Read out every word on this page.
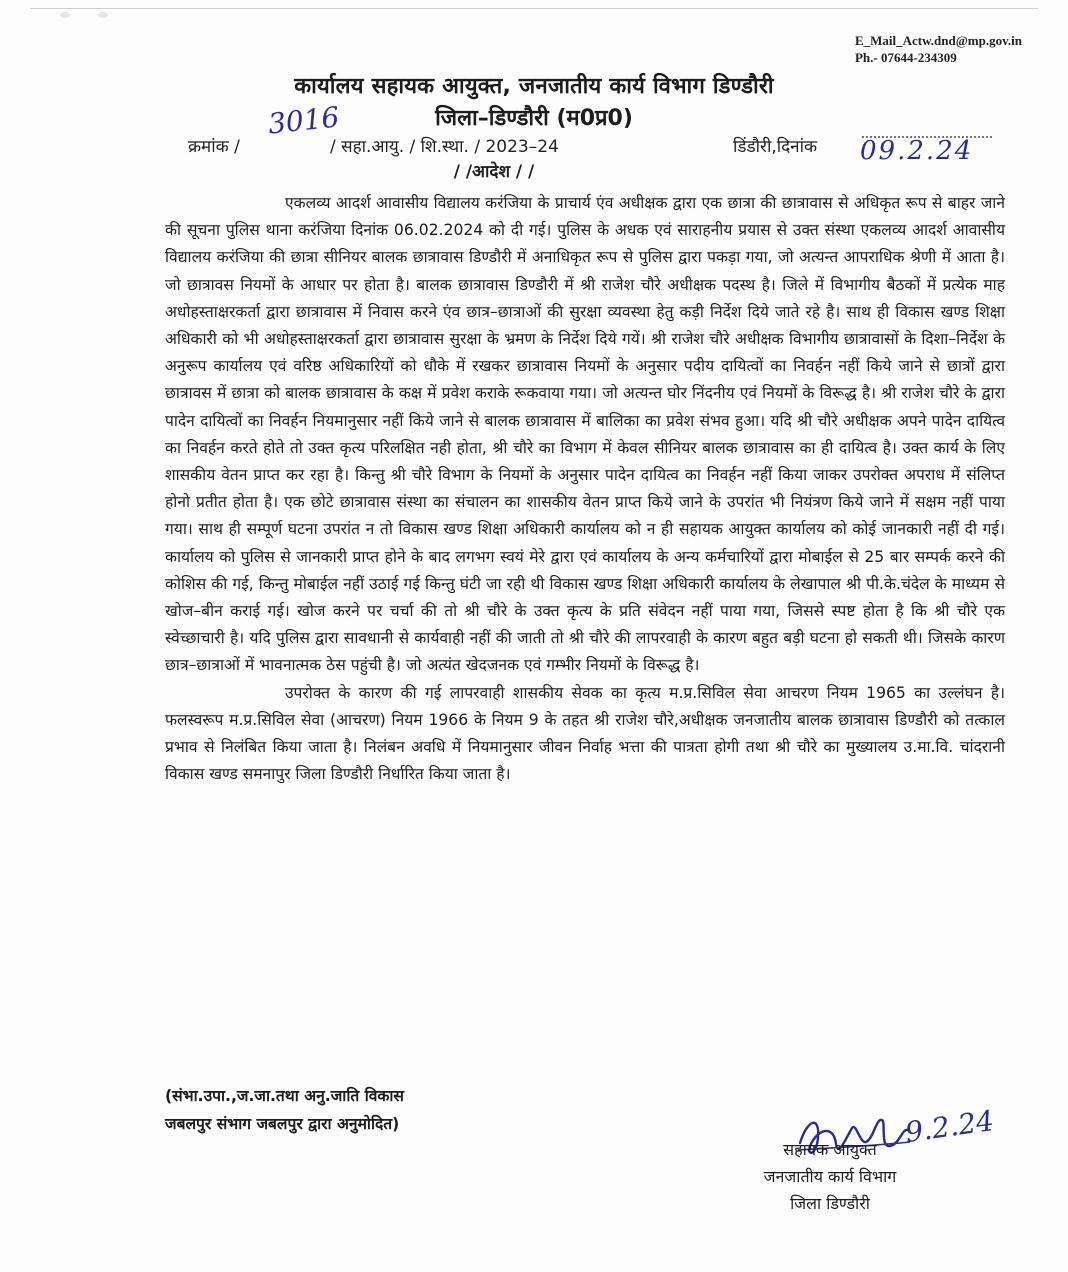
E_Mail_Actw.dnd@mp.gov.in
Ph.- 07644-234309
कार्यालय सहायक आयुक्त, जनजातीय कार्य विभाग डिण्डौरी
जिला–डिण्डौरी (म0प्र0)
क्रमांक /
3016
/ सहा.आयु. / शि.स्था. / 2023–24	डिंडौरी,दिनांक 09.2.24
/ /आदेश / /

एकलव्य आदर्श आवासीय विद्यालय करंजिया के प्राचार्य एंव अधीक्षक द्वारा एक छात्रा की छात्रावास से अधिकृत रूप से बाहर जाने की सूचना पुलिस थाना करंजिया दिनांक 06.02.2024 को दी गई। पुलिस के अधक एवं साराहनीय प्रयास से उक्त संस्था एकलव्य आदर्श आवासीय विद्यालय करंजिया की छात्रा सीनियर बालक छात्रावास डिण्डौरी में अनाधिकृत रूप से पुलिस द्वारा पकड़ा गया, जो अत्यन्त आपराधिक श्रेणी में आता है। जो छात्रावस नियमों के आधार पर होता है। बालक छात्रावास डिण्डौरी में श्री राजेश चौरे अधीक्षक पदस्थ है। जिले में विभागीय बैठकों में प्रत्येक माह अधोहस्ताक्षरकर्ता द्वारा छात्रावास में निवास करने एंव छात्र–छात्राओं की सुरक्षा व्यवस्था हेतु कड़ी निर्देश दिये जाते रहे है। साथ ही विकास खण्ड शिक्षा अधिकारी को भी अधोहस्ताक्षरकर्ता द्वारा छात्रावास सुरक्षा के भ्रमण के निर्देश दिये गयें। श्री राजेश चौरे अधीक्षक विभागीय छात्रावासों के दिशा–निर्देश के अनुरूप कार्यालय एवं वरिष्ठ अधिकारियों को धौके में रखकर छात्रावास नियमों के अनुसार पदीय दायित्वों का निवर्हन नहीं किये जाने से छात्रों द्वारा छात्रावस में छात्रा को बालक छात्रावास के कक्ष में प्रवेश कराके रूकवाया गया। जो अत्यन्त घोर निंदनीय एवं नियमों के विरूद्ध है। श्री राजेश चौरे के द्वारा पादेन दायित्वों का निवर्हन नियमानुसार नहीं किये जाने से बालक छात्रावास में बालिका का प्रवेश संभव हुआ। यदि श्री चौरे अधीक्षक अपने पादेन दायित्व का निवर्हन करते होते तो उक्त कृत्य परिलक्षित नही होता, श्री चौरे का विभाग में केवल सीनियर बालक छात्रावास का ही दायित्व है। उक्त कार्य के लिए शासकीय वेतन प्राप्त कर रहा है। किन्तु श्री चौरे विभाग के नियमों के अनुसार पादेन दायित्व का निवर्हन नहीं किया जाकर उपरोक्त अपराध में संलिप्त होनो प्रतीत होता है। एक छोटे छात्रावास संस्था का संचालन का शासकीय वेतन प्राप्त किये जाने के उपरांत भी नियंत्रण किये जाने में सक्षम नहीं पाया गया। साथ ही सम्पूर्ण घटना उपरांत न तो विकास खण्ड शिक्षा अधिकारी कार्यालय को न ही सहायक आयुक्त कार्यालय को कोई जानकारी नहीं दी गई। कार्यालय को पुलिस से जानकारी प्राप्त होने के बाद लगभग स्वयं मेरे द्वारा एवं कार्यालय के अन्य कर्मचारियों द्वारा मोबाईल से 25 बार सम्पर्क करने की कोशिस की गई, किन्तु मोबाईल नहीं उठाई गई किन्तु घंटी जा रही थी विकास खण्ड शिक्षा अधिकारी कार्यालय के लेखापाल श्री पी.के.चंदेल के माध्यम से खोज–बीन कराई गई। खोज करने पर चर्चा की तो श्री चौरे के उक्त कृत्य के प्रति संवेदन नहीं पाया गया, जिससे स्पष्ट होता है कि श्री चौरे एक स्वेच्छाचारी है। यदि पुलिस द्वारा सावधानी से कार्यवाही नहीं की जाती तो श्री चौरे की लापरवाही के कारण बहुत बड़ी घटना हो सकती थी। जिसके कारण छात्र–छात्राओं में भावनात्मक ठेस पहुंची है। जो अत्यंत खेदजनक एवं गम्भीर नियमों के विरूद्ध है।

उपरोक्त के कारण की गई लापरवाही शासकीय सेवक का कृत्य म.प्र.सिविल सेवा आचरण नियम 1965 का उल्लंघन है। फलस्वरूप म.प्र.सिविल सेवा (आचरण) नियम 1966 के नियम 9 के तहत श्री राजेश चौरे,अधीक्षक जनजातीय बालक छात्रावास डिण्डौरी को तत्काल प्रभाव से निलंबित किया जाता है। निलंबन अवधि में नियमानुसार जीवन निर्वाह भत्ता की पात्रता होगी तथा श्री चौरे का मुख्यालय उ.मा.वि. चांदरानी विकास खण्ड समनापुर जिला डिण्डौरी निर्धारित किया जाता है।

(संभा.उपा.,ज.जा.तथा अनु.जाति विकास
जबलपुर संभाग जबलपुर द्वारा अनुमोदित)	9.2.24
सहायक आयुक्त
जनजातीय कार्य विभाग
जिला डिण्डौरी
